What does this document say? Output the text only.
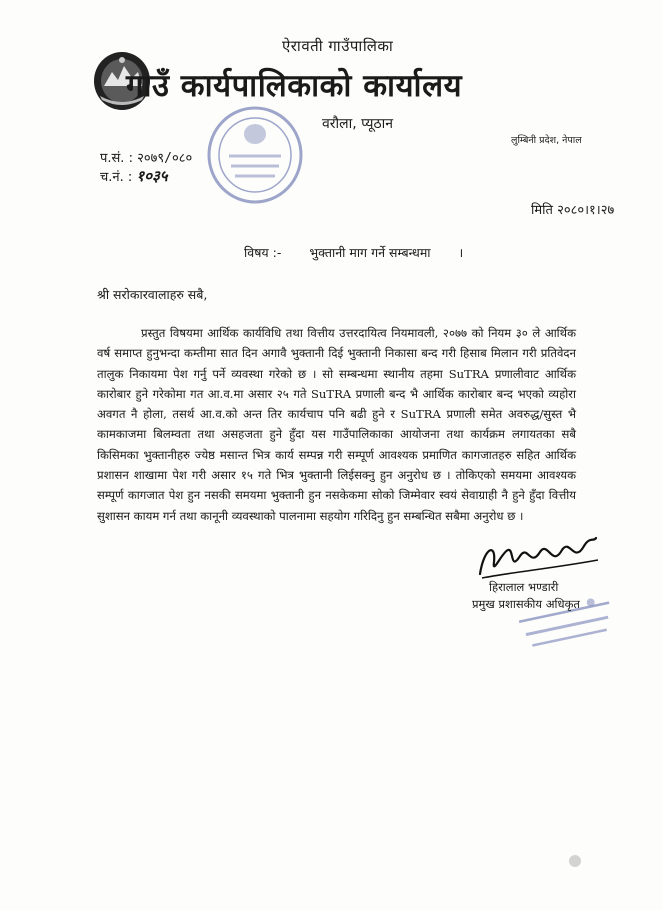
ऐरावती गाउँपालिका
गाउँ कार्यपालिकाको कार्यालय
वरौला, प्यूठान
लुम्बिनी प्रदेश, नेपाल
प.सं. : २०७९/०८०
च.नं. : १०३५
मिति २०८०।१।२७
विषय :- भुक्तानी माग गर्ने सम्बन्धमा ।
श्री सरोकारवालाहरु सबै,

प्रस्तुत विषयमा आर्थिक कार्यविधि तथा वित्तीय उत्तरदायित्व नियमावली, २०७७ को नियम ३० ले आर्थिक वर्ष समाप्त हुनुभन्दा कम्तीमा सात दिन अगावै भुक्तानी दिई भुक्तानी निकासा बन्द गरी हिसाब मिलान गरी प्रतिवेदन तालुक निकायमा पेश गर्नु पर्ने व्यवस्था गरेको छ । सो सम्बन्धमा स्थानीय तहमा SuTRA प्रणालीवाट आर्थिक कारोबार हुने गरेकोमा गत आ.व.मा असार २५ गते SuTRA प्रणाली बन्द भै आर्थिक कारोबार बन्द भएको व्यहोरा अवगत नै होला, तसर्थ आ.व.को अन्त तिर कार्यचाप पनि बढी हुने र SuTRA प्रणाली समेत अवरुद्ध/सुस्त भै कामकाजमा बिलम्वता तथा असहजता हुने हुँदा यस गाउँपालिकाका आयोजना तथा कार्यक्रम लगायतका सबै किसिमका भुक्तानीहरु ज्येष्ठ मसान्त भित्र कार्य सम्पन्न गरी सम्पूर्ण आवश्यक प्रमाणित कागजातहरु सहित आर्थिक प्रशासन शाखामा पेश गरी असार १५ गते भित्र भुक्तानी लिईसक्नु हुन अनुरोध छ । तोकिएको समयमा आवश्यक सम्पूर्ण कागजात पेश हुन नसकी समयमा भुक्तानी हुन नसकेकमा सोको जिम्मेवार स्वयं सेवाग्राही नै हुने हुँदा वित्तीय सुशासन कायम गर्न तथा कानूनी व्यवस्थाको पालनामा सहयोग गरिदिनु हुन सम्बन्धित सबैमा अनुरोध छ ।

हिरालाल भण्डारी
प्रमुख प्रशासकीय अधिकृत
